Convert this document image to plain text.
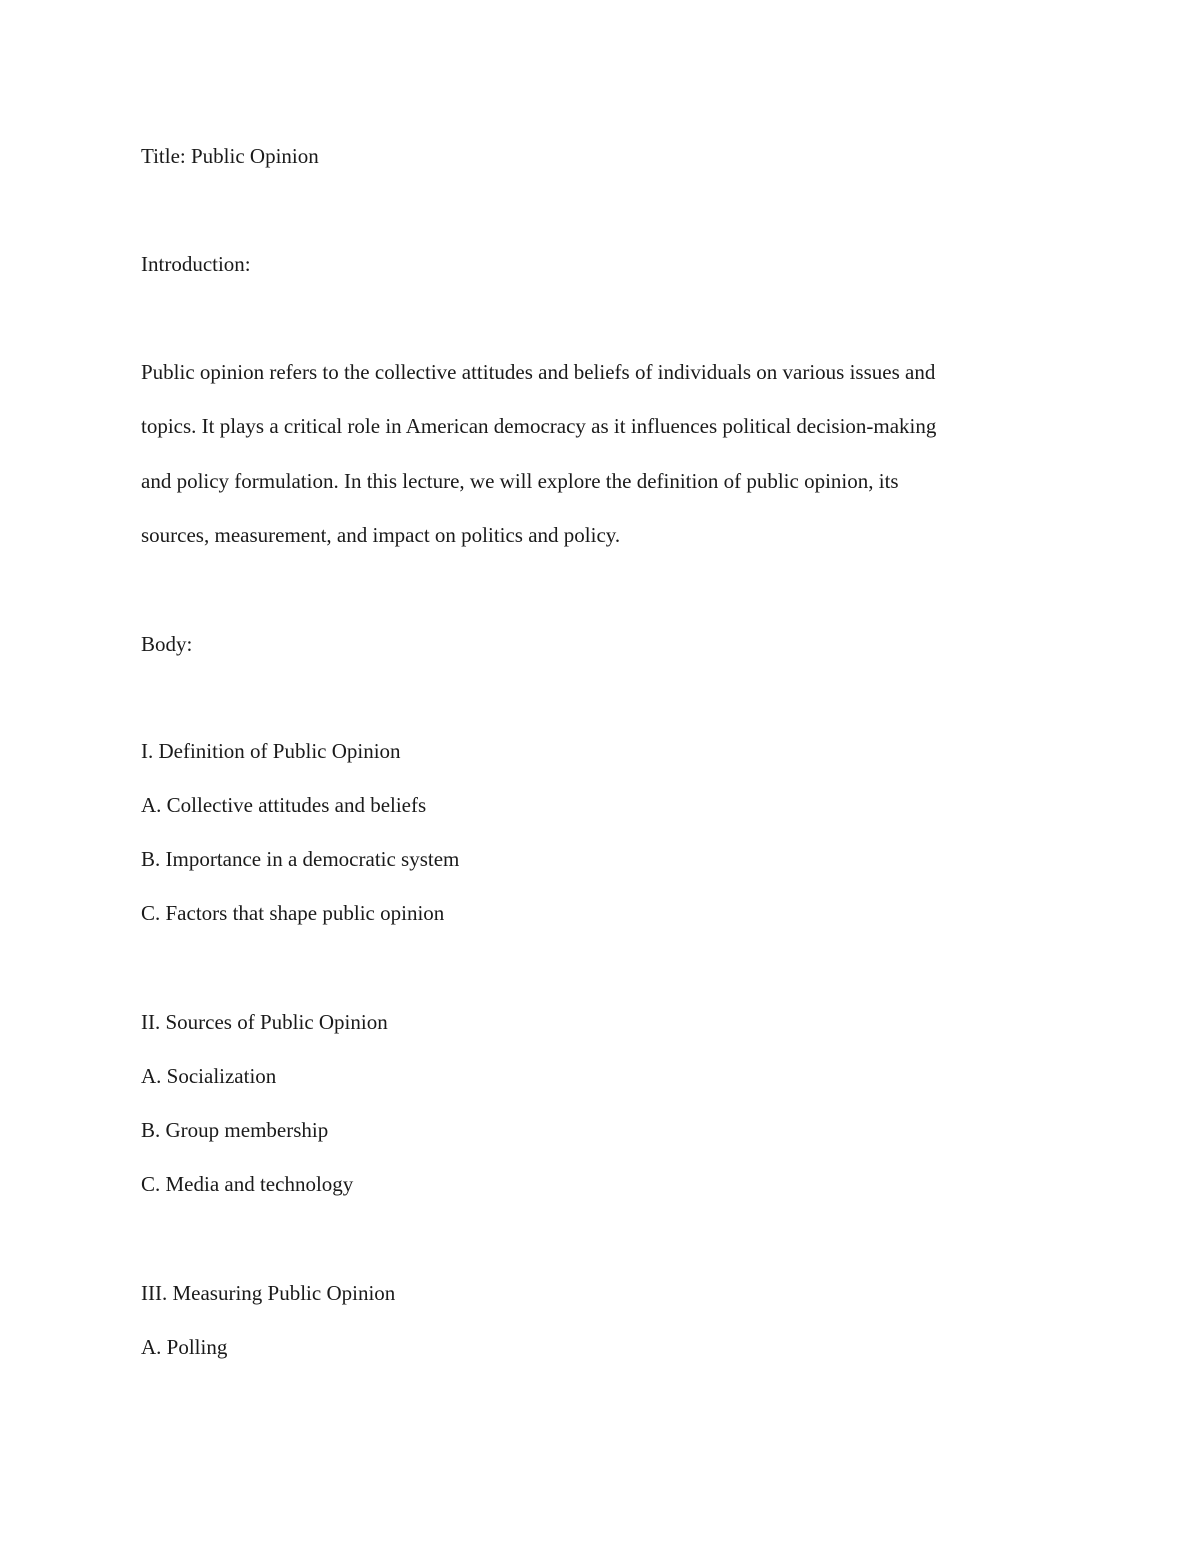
Title: Public Opinion
Introduction:
Public opinion refers to the collective attitudes and beliefs of individuals on various issues and
topics. It plays a critical role in American democracy as it influences political decision-making
and policy formulation. In this lecture, we will explore the definition of public opinion, its
sources, measurement, and impact on politics and policy.
Body:
I. Definition of Public Opinion
A. Collective attitudes and beliefs
B. Importance in a democratic system
C. Factors that shape public opinion
II. Sources of Public Opinion
A. Socialization
B. Group membership
C. Media and technology
III. Measuring Public Opinion
A. Polling
